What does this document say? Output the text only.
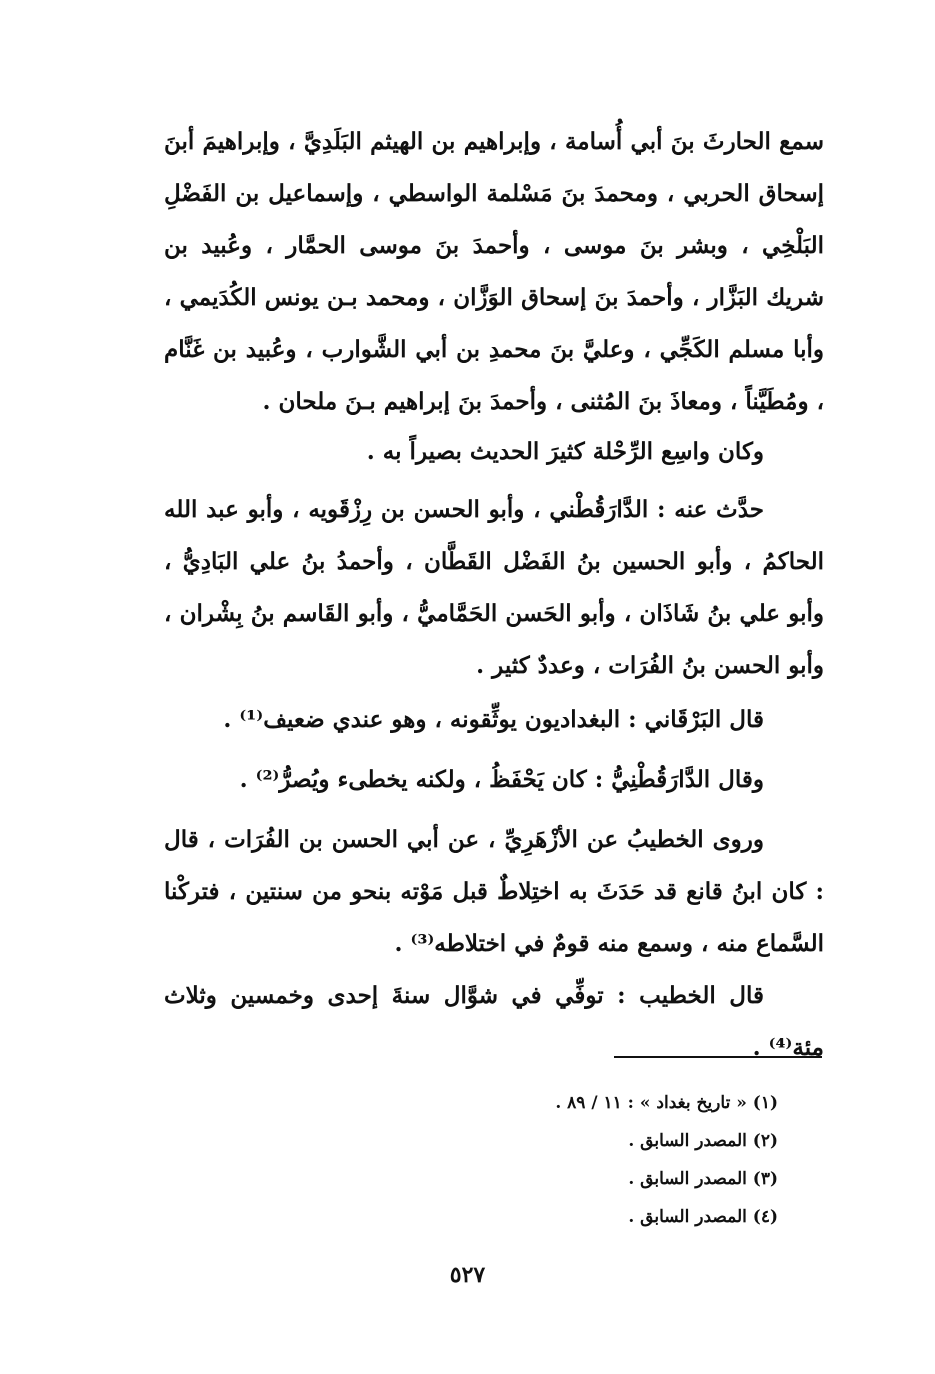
سمع الحارثَ بنَ أبي أُسامة ، وإبراهيم بن الهيثم البَلَدِيَّ ، وإبراهيمَ أبنَ إسحاق الحربي ، ومحمدَ بنَ مَسْلمة الواسطي ، وإسماعيل بن الفَضْلِ البَلْخِي ، وبشر بنَ موسى ، وأحمدَ بنَ موسى الحمَّار ، وعُبيد بن شريك البَزَّار ، وأحمدَ بنَ إسحاق الوَزَّان ، ومحمد بـن يونس الكُدَيمي ، وأبا مسلم الكَجِّي ، وعليَّ بنَ محمدِ بن أبي الشَّوارب ، وعُبيد بن غَنَّام ، ومُطَيَّناً ، ومعاذَ بنَ المُثنى ، وأحمدَ بنَ إبراهيم بـنَ ملحان .

وكان واسِع الرِّحْلة كثيرَ الحديث بصيراً به .

حدَّث عنه : الدَّارَقُطْني ، وأبو الحسن بن رِزْقَويه ، وأبو عبد الله الحاكمُ ، وأبو الحسين بنُ الفَضْل القَطَّان ، وأحمدُ بنُ علي البَادِيُّ ، وأبو علي بنُ شَاذَان ، وأبو الحَسن الحَمَّاميُّ ، وأبو القَاسم بنُ بِشْران ، وأبو الحسن بنُ الفُرَات ، وعددٌ كثير .

قال البَرْقَاني : البغداديون يوثِّقونه ، وهو عندي ضعيف⁽¹⁾ .

وقال الدَّارَقُطْنِيُّ : كان يَحْفَظُ ، ولكنه يخطىء ويُصرُّ⁽²⁾ .

وروى الخطيبُ عن الأزْهَرِيِّ ، عن أبي الحسن بن الفُرَات ، قال : كان ابنُ قانع قد حَدَثَ به اختِلاطٌ قبل مَوْته بنحو من سنتين ، فتركْنا السَّماع منه ، وسمع منه قومٌ في اختلاطه⁽³⁾ .

قال الخطيب : توفِّي في شوَّال سنةَ إحدى وخمسين وثلاث مئة⁽⁴⁾ .

(١) « تاريخ بغداد » : ١١ / ٨٩ .
(٢) المصدر السابق .
(٣) المصدر السابق .
(٤) المصدر السابق .
٥٢٧
